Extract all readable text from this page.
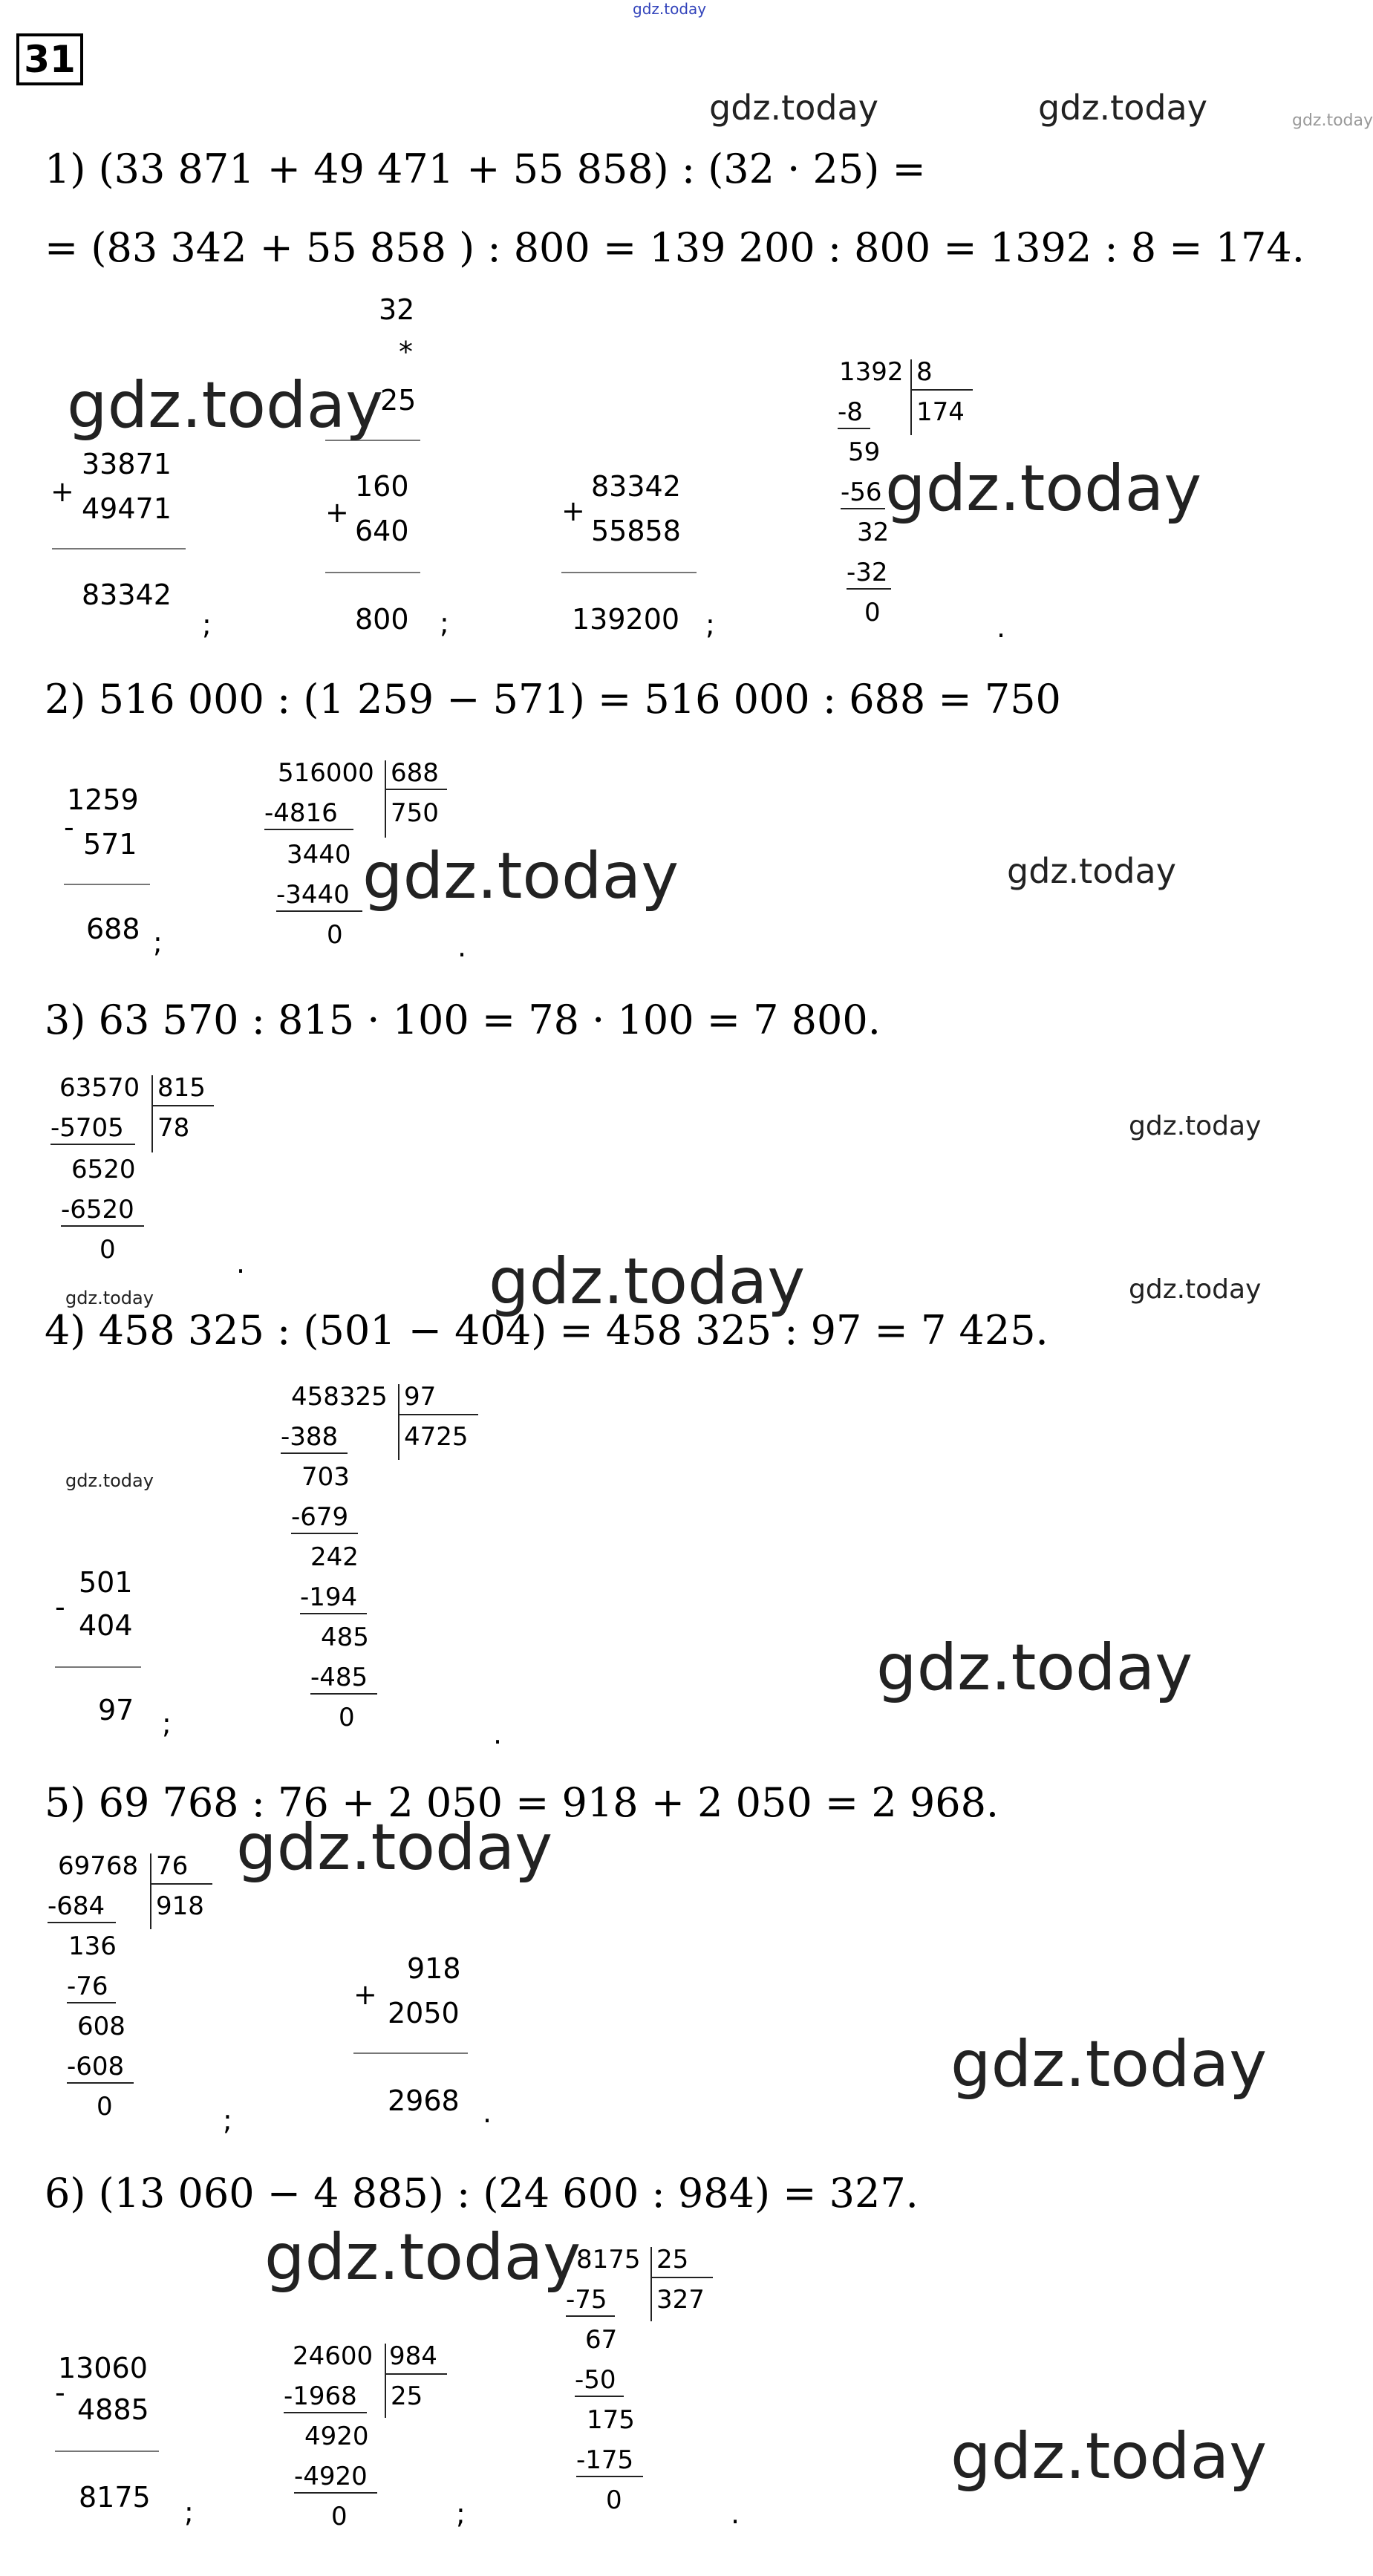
gdz.today
31
gdz.today	gdz.today
1) (33 871 + 49 471 + 55 858) : (32 · 25) =
= (83 342 + 55 858 ) : 800 = 139 200 : 800 = 1392 : 8 = 174.
32
*
25
+
160
640
800 ;
+
33871
49471
83342
;
+
83342
55858
139200 ;
1392 8
174
-8
59
-56
32
-32
0	.
gdz.today
gdz.today
2) 516 000 : (1 259 − 571) = 516 000 : 688 = 750
1259
-
571
688 ;
516000 688
750
-4816
3440
-3440
0	.
gdz.today	gdz.today
3) 63 570 : 815 · 100 = 78 · 100 = 7 800.
63570 815
78
-5705
6520
-6520
0	.
gdz.today
gdz.today
gdz.today	gdz.today
4) 458 325 : (501 − 404) = 458 325 : 97 = 7 425.
gdz.today
501
-
404
97 ;
458325 97
4725
-388
703
-679
242
-194
485
-485
0	.
gdz.today
5) 69 768 : 76 + 2 050 = 918 + 2 050 = 2 968.
69768 76
918
-684
136
-76
608
-608
0	;
+
918
2050
2968 .
gdz.today
gdz.today
6) (13 060 − 4 885) : (24 600 : 984) = 327.
gdz.today
13060
-
4885
8175 ;
24600 984
25
-1968
4920
-4920
0	;
8175 25
327
-75
67
-50
175
-175
0	.
gdz.today
gdz.today
